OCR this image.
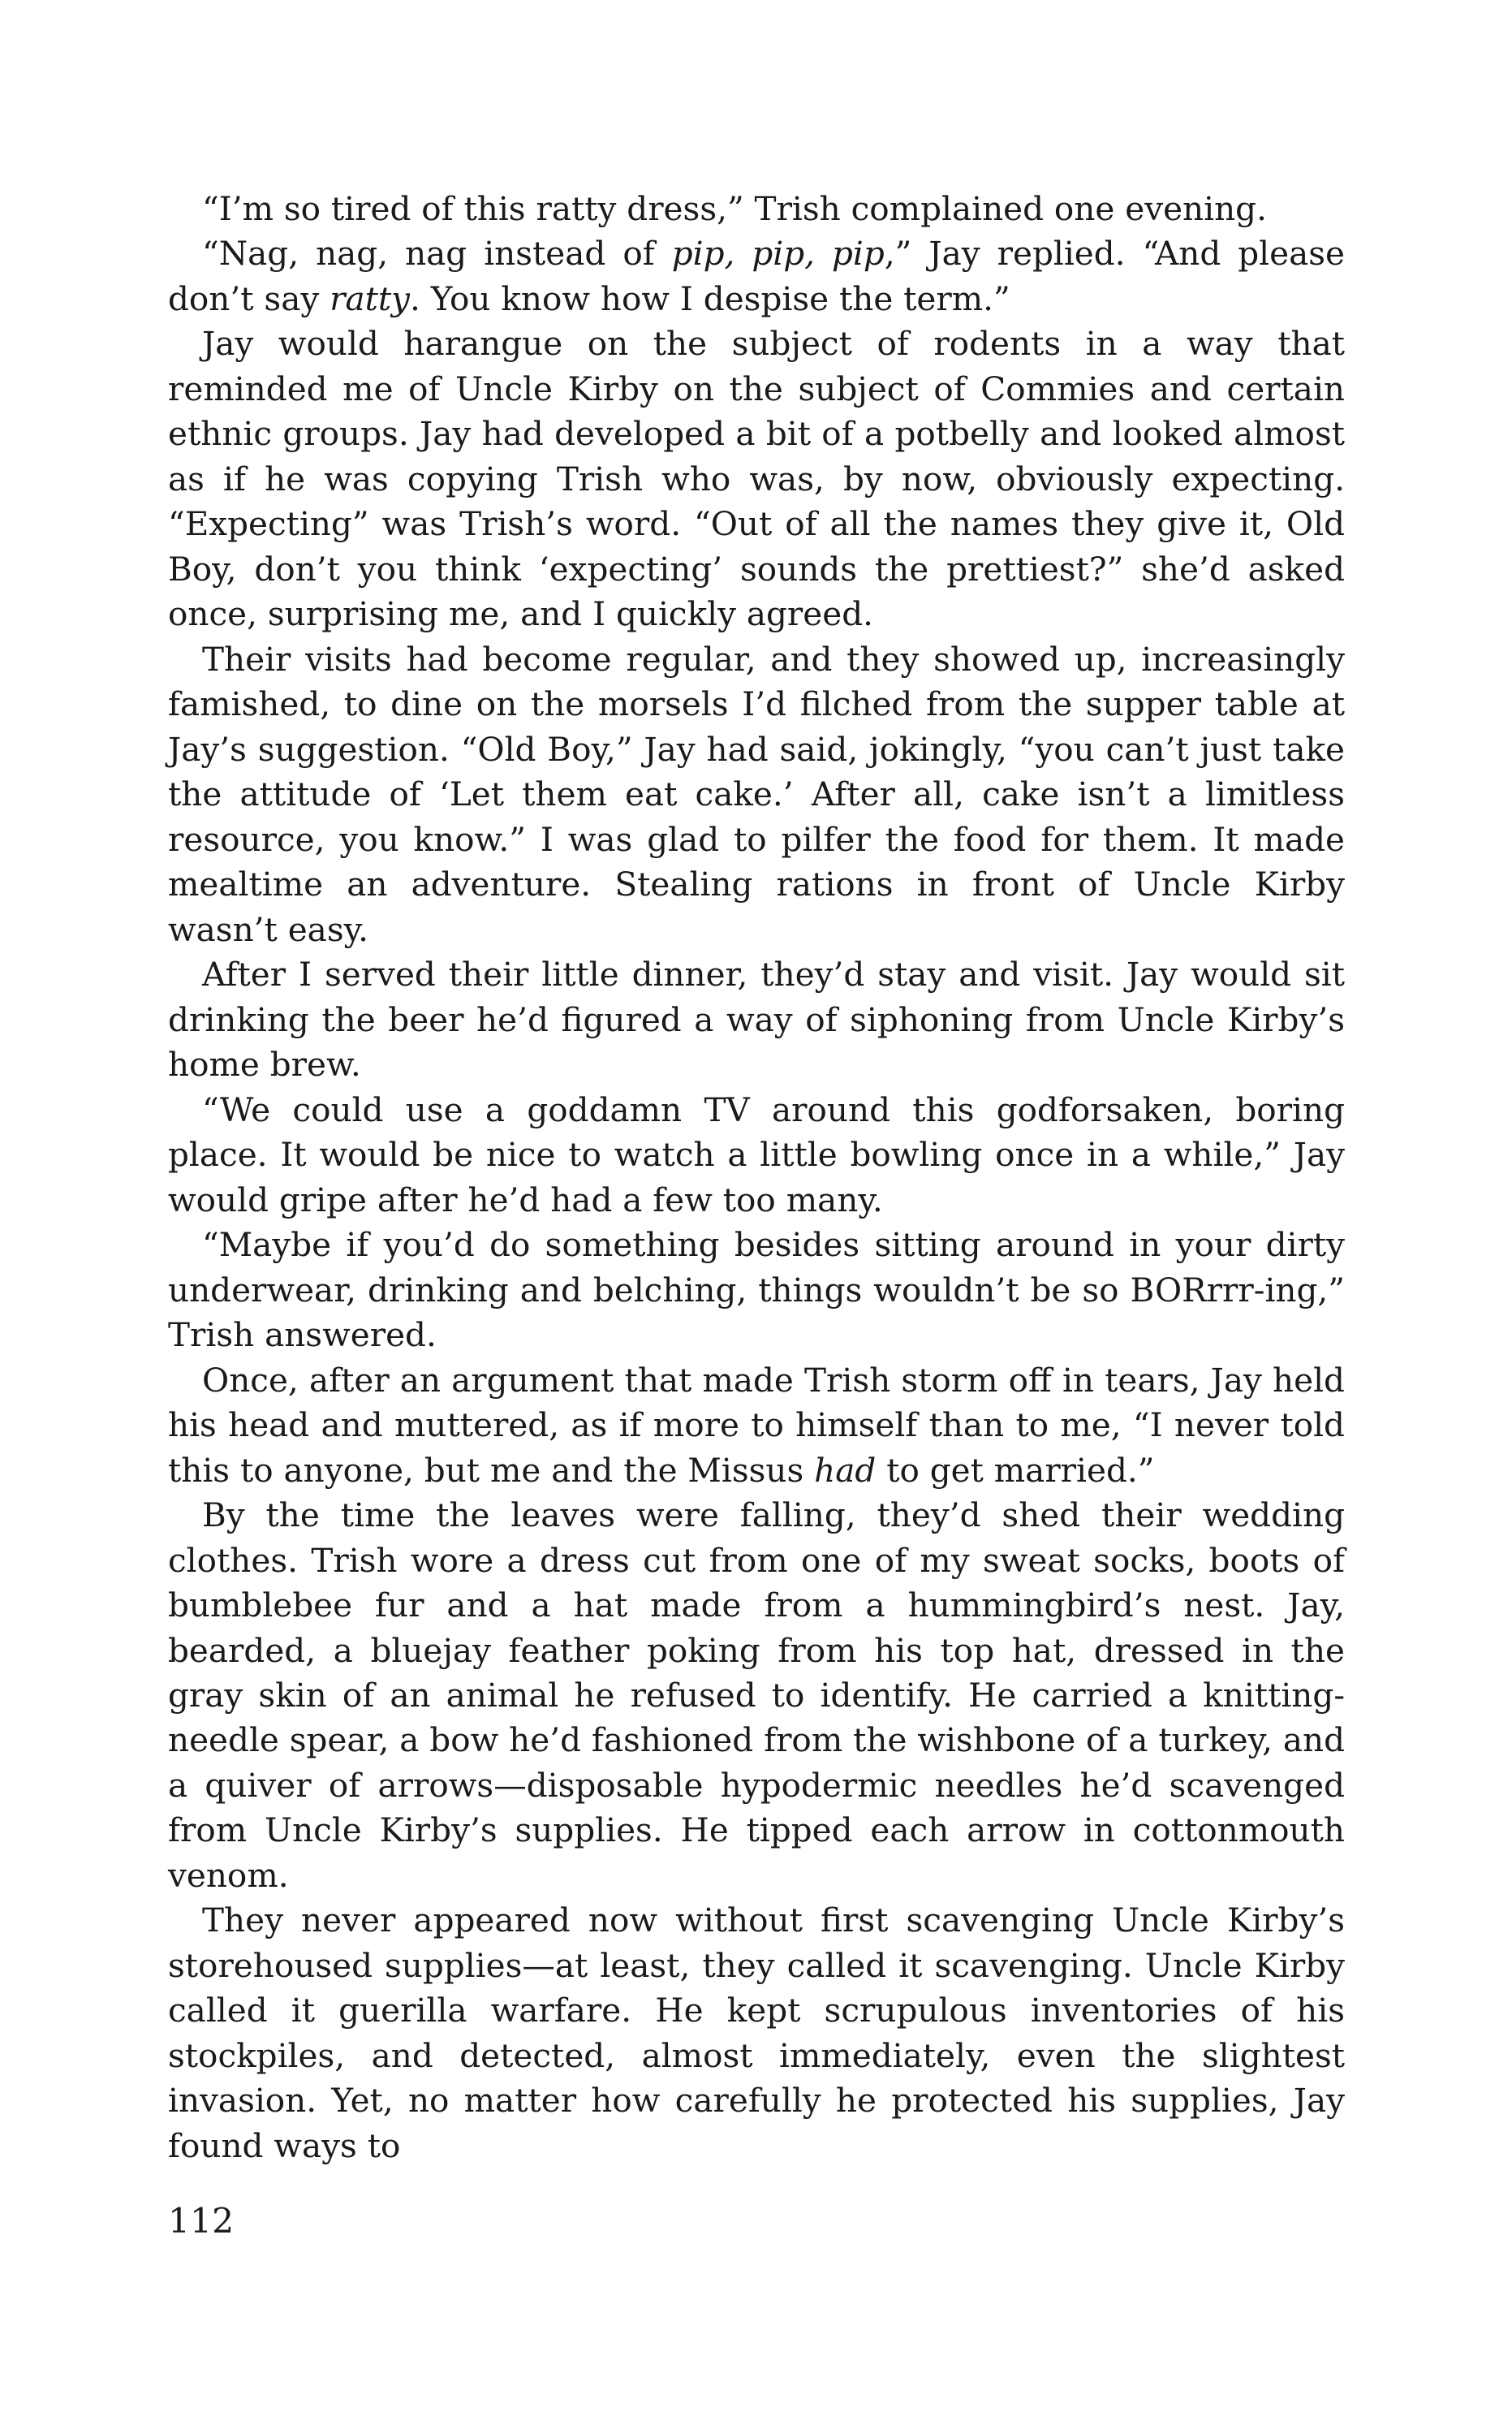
“I’m so tired of this ratty dress,” Trish complained one evening.

“Nag, nag, nag instead of pip, pip, pip,” Jay replied. “And please don’t say ratty. You know how I despise the term.”

Jay would harangue on the subject of rodents in a way that reminded me of Uncle Kirby on the subject of Commies and certain ethnic groups. Jay had developed a bit of a potbelly and looked almost as if he was copying Trish who was, by now, obviously expecting. “Expecting” was Trish’s word. “Out of all the names they give it, Old Boy, don’t you think ‘expecting’ sounds the prettiest?” she’d asked once, surprising me, and I quickly agreed.

Their visits had become regular, and they showed up, increasingly famished, to dine on the morsels I’d filched from the supper table at Jay’s suggestion. “Old Boy,” Jay had said, jokingly, “you can’t just take the attitude of ‘Let them eat cake.’ After all, cake isn’t a limitless resource, you know.” I was glad to pilfer the food for them. It made mealtime an adventure. Stealing rations in front of Uncle Kirby wasn’t easy.

After I served their little dinner, they’d stay and visit. Jay would sit drinking the beer he’d figured a way of siphoning from Uncle Kirby’s home brew.

“We could use a goddamn TV around this godforsaken, boring place. It would be nice to watch a little bowling once in a while,” Jay would gripe after he’d had a few too many.

“Maybe if you’d do something besides sitting around in your dirty underwear, drinking and belching, things wouldn’t be so BORrrr-ing,” Trish answered.

Once, after an argument that made Trish storm off in tears, Jay held his head and muttered, as if more to himself than to me, “I never told this to anyone, but me and the Missus had to get married.”

By the time the leaves were falling, they’d shed their wedding clothes. Trish wore a dress cut from one of my sweat socks, boots of bumblebee fur and a hat made from a hummingbird’s nest. Jay, bearded, a bluejay feather poking from his top hat, dressed in the gray skin of an animal he refused to identify. He carried a knitting-needle spear, a bow he’d fashioned from the wishbone of a turkey, and a quiver of arrows—disposable hypodermic needles he’d scavenged from Uncle Kirby’s supplies. He tipped each arrow in cottonmouth venom.

They never appeared now without first scavenging Uncle Kirby’s storehoused supplies—at least, they called it scavenging. Uncle Kirby called it guerilla warfare. He kept scrupulous inventories of his stockpiles, and detected, almost immediately, even the slightest invasion. Yet, no matter how carefully he protected his supplies, Jay found ways to

112
